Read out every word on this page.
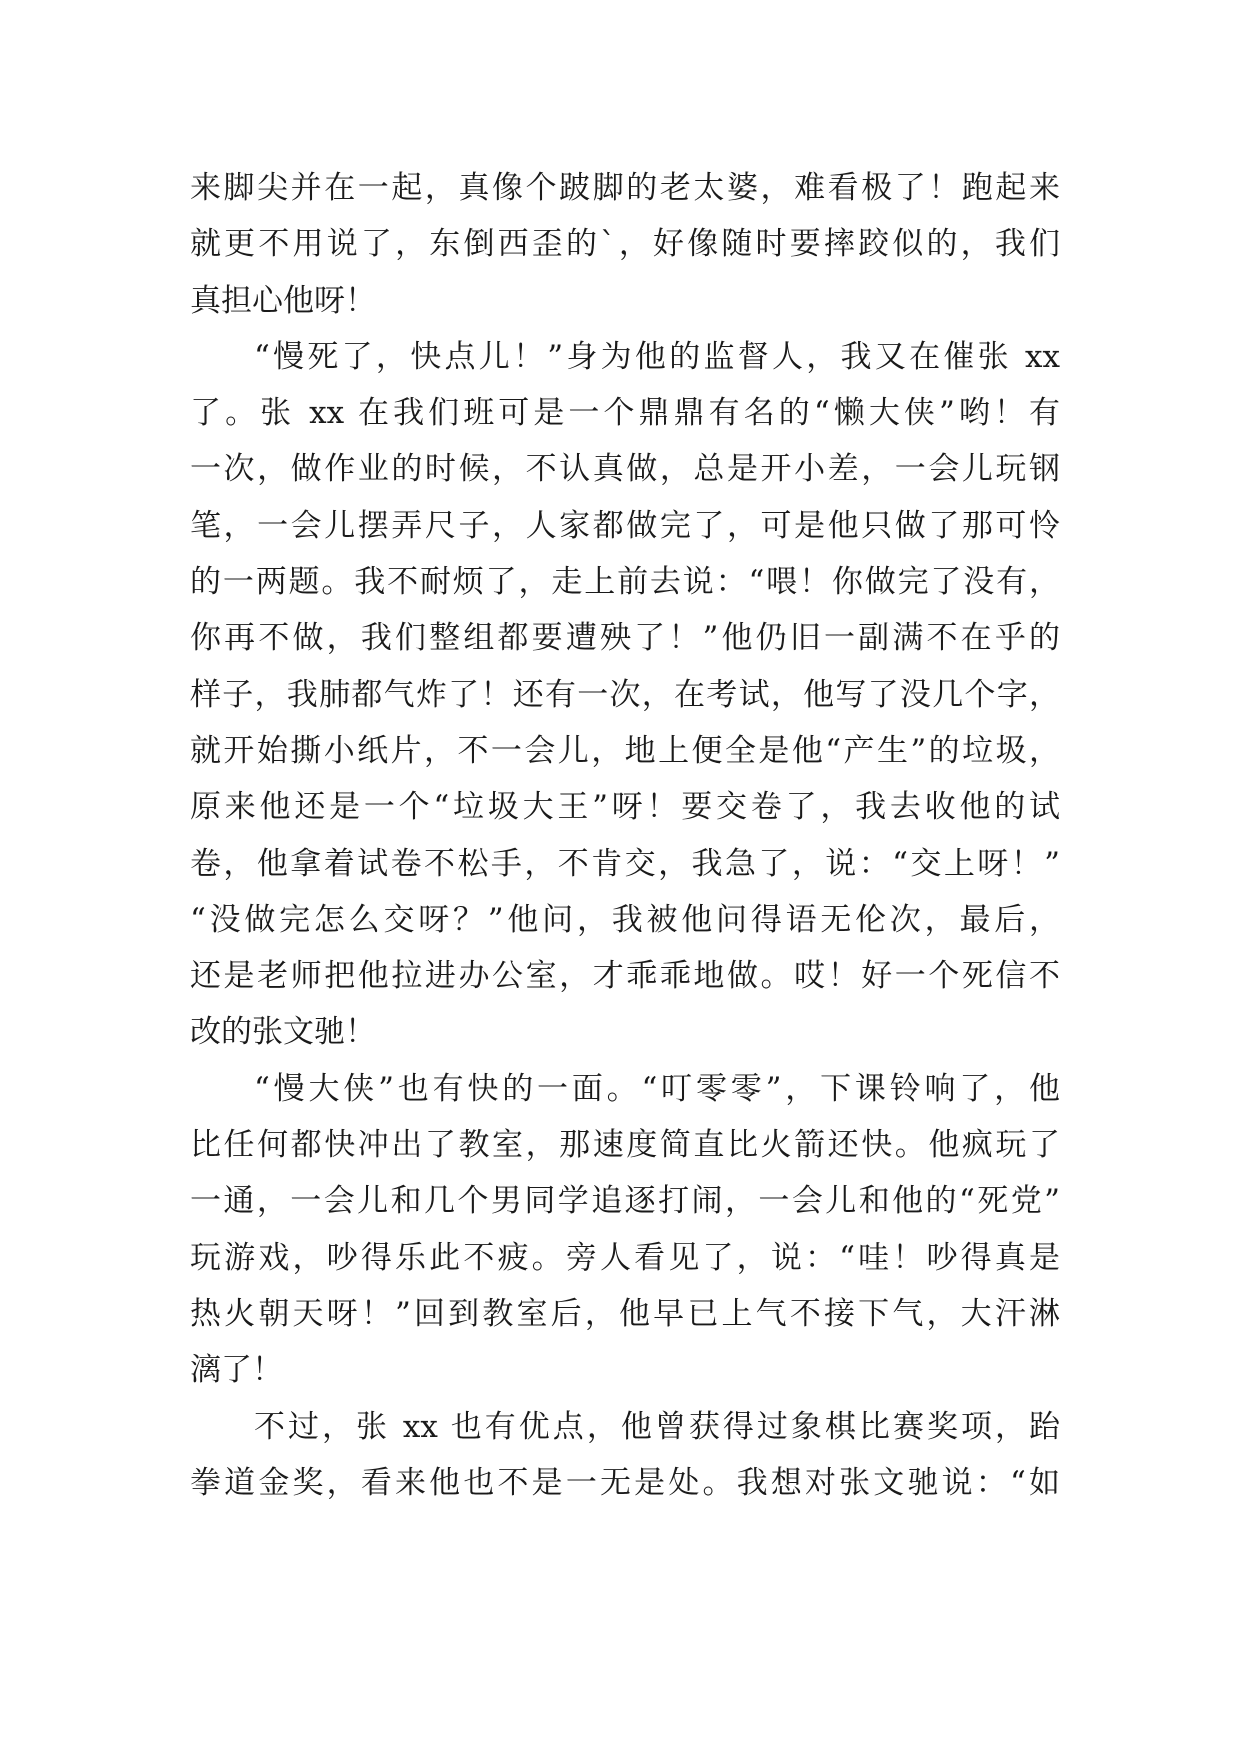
来脚尖并在一起，真像个跛脚的老太婆，难看极了！跑起来
就更不用说了，东倒西歪的`，好像随时要摔跤似的，我们
真担心他呀！
“慢死了，快点儿！”身为他的监督人，我又在催张 xx
了。张 xx 在我们班可是一个鼎鼎有名的“懒大侠”哟！有
一次，做作业的时候，不认真做，总是开小差，一会儿玩钢
笔，一会儿摆弄尺子，人家都做完了，可是他只做了那可怜
的一两题。我不耐烦了，走上前去说：“喂！你做完了没有，
你再不做，我们整组都要遭殃了！”他仍旧一副满不在乎的
样子，我肺都气炸了！还有一次，在考试，他写了没几个字，
就开始撕小纸片，不一会儿，地上便全是他“产生”的垃圾，
原来他还是一个“垃圾大王”呀！要交卷了，我去收他的试
卷，他拿着试卷不松手，不肯交，我急了，说：“交上呀！”
“没做完怎么交呀？”他问，我被他问得语无伦次，最后，
还是老师把他拉进办公室，才乖乖地做。哎！好一个死信不
改的张文驰！
“慢大侠”也有快的一面。“叮零零”，下课铃响了，他
比任何都快冲出了教室，那速度简直比火箭还快。他疯玩了
一通，一会儿和几个男同学追逐打闹，一会儿和他的“死党”
玩游戏，吵得乐此不疲。旁人看见了，说：“哇！吵得真是
热火朝天呀！”回到教室后，他早已上气不接下气，大汗淋
漓了！
不过，张 xx 也有优点，他曾获得过象棋比赛奖项，跆
拳道金奖，看来他也不是一无是处。我想对张文驰说：“如
